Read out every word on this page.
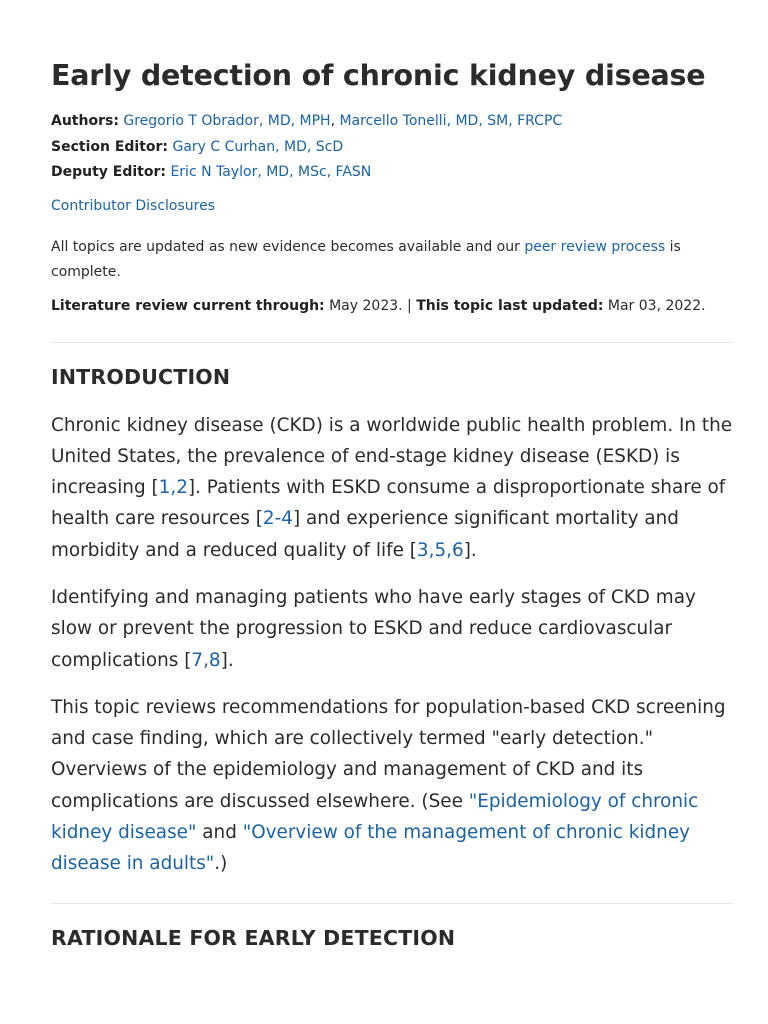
Early detection of chronic kidney disease
Authors: Gregorio T Obrador, MD, MPH, Marcello Tonelli, MD, SM, FRCPC
Section Editor: Gary C Curhan, MD, ScD
Deputy Editor: Eric N Taylor, MD, MSc, FASN
Contributor Disclosures
All topics are updated as new evidence becomes available and our peer review process is complete.
Literature review current through: May 2023. | This topic last updated: Mar 03, 2022.
INTRODUCTION

Chronic kidney disease (CKD) is a worldwide public health problem. In the United States, the prevalence of end-stage kidney disease (ESKD) is increasing [1,2]. Patients with ESKD consume a disproportionate share of health care resources [2-4] and experience significant mortality and morbidity and a reduced quality of life [3,5,6].

Identifying and managing patients who have early stages of CKD may slow or prevent the progression to ESKD and reduce cardiovascular complications [7,8].

This topic reviews recommendations for population-based CKD screening and case finding, which are collectively termed "early detection." Overviews of the epidemiology and management of CKD and its complications are discussed elsewhere. (See "Epidemiology of chronic kidney disease" and "Overview of the management of chronic kidney disease in adults".)

RATIONALE FOR EARLY DETECTION
